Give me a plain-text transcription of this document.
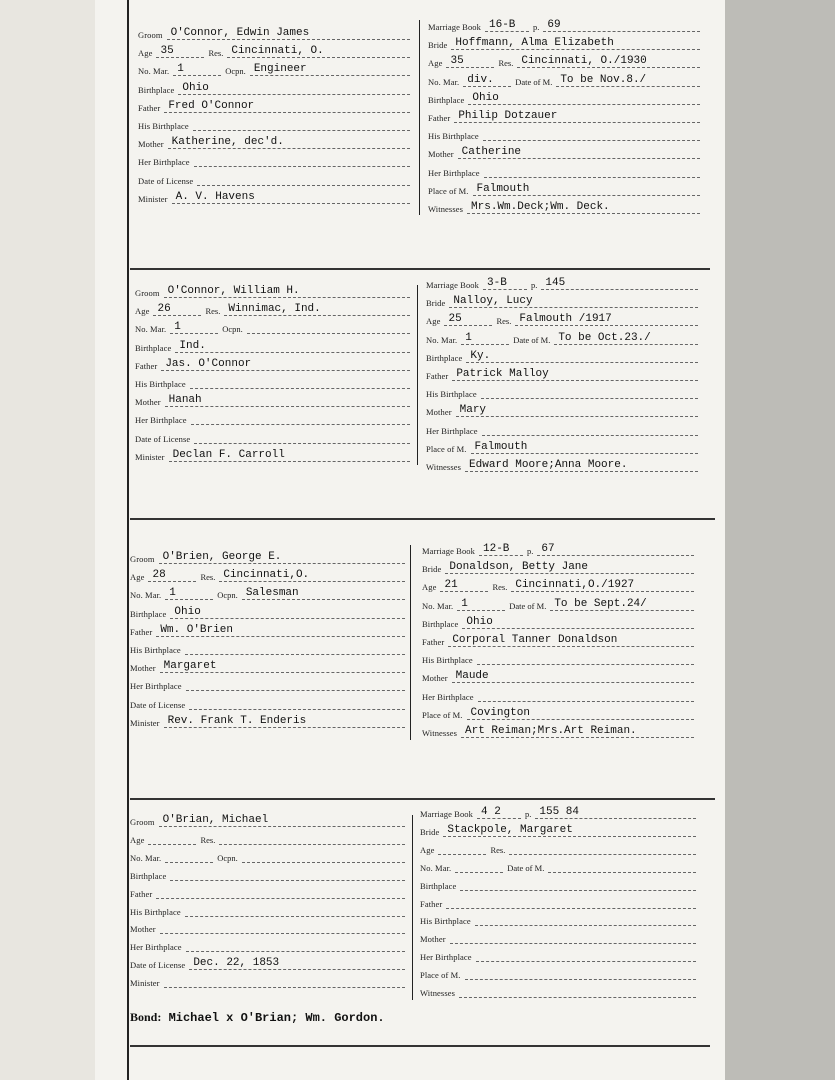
Groom O'Connor, Edwin James
Age 35	Res. Cincinnati, O.
No. Mar. 1	Ocpn. Engineer
Birthplace Ohio
Father Fred O'Connor
His Birthplace
Mother Katherine, dec'd.
Her Birthplace
Date of License
Minister A. V. Havens
Marriage Book 16-B	p. 69
Bride Hoffmann, Alma Elizabeth
Age 35	Res. Cincinnati, O./1930
No. Mar. div.	Date of M. To be Nov.8./
Birthplace Ohio
Father Philip Dotzauer
His Birthplace
Mother Catherine
Her Birthplace
Place of M. Falmouth
Witnesses Mrs.Wm.Deck;Wm. Deck.
Groom O'Connor, William H.
Age 26	Res. Winnimac, Ind.
No. Mar. 1	Ocpn.
Birthplace Ind.
Father Jas. O'Connor
His Birthplace
Mother Hanah
Her Birthplace
Date of License
Minister Declan F. Carroll
Marriage Book 3-B	p. 145
Bride Nalloy, Lucy
Age 25	Res. Falmouth /1917
No. Mar. 1	Date of M. To be Oct.23./
Birthplace Ky.
Father Patrick Malloy
His Birthplace
Mother Mary
Her Birthplace
Place of M. Falmouth
Witnesses Edward Moore;Anna Moore.
Groom O'Brien, George E.
Age 28	Res. Cincinnati,O.
No. Mar. 1	Ocpn. Salesman
Birthplace Ohio
Father Wm. O'Brien
His Birthplace
Mother Margaret
Her Birthplace
Date of License
Minister Rev. Frank T. Enderis
Marriage Book 12-B	p. 67
Bride Donaldson, Betty Jane
Age 21	Res. Cincinnati,O./1927
No. Mar. 1	Date of M. To be Sept.24/
Birthplace Ohio
Father Corporal Tanner Donaldson
His Birthplace
Mother Maude
Her Birthplace
Place of M. Covington
Witnesses Art Reiman;Mrs.Art Reiman.
Groom O'Brian, Michael
Age	Res.
No. Mar.	Ocpn.
Birthplace
Father
His Birthplace
Mother
Her Birthplace
Date of License Dec. 22, 1853
Minister
Marriage Book 4 2	p. 155 84
Bride Stackpole, Margaret
Age	Res.
No. Mar.	Date of M.
Birthplace
Father
His Birthplace
Mother
Her Birthplace
Place of M.
Witnesses
Bond: Michael x O'Brian; Wm. Gordon.
